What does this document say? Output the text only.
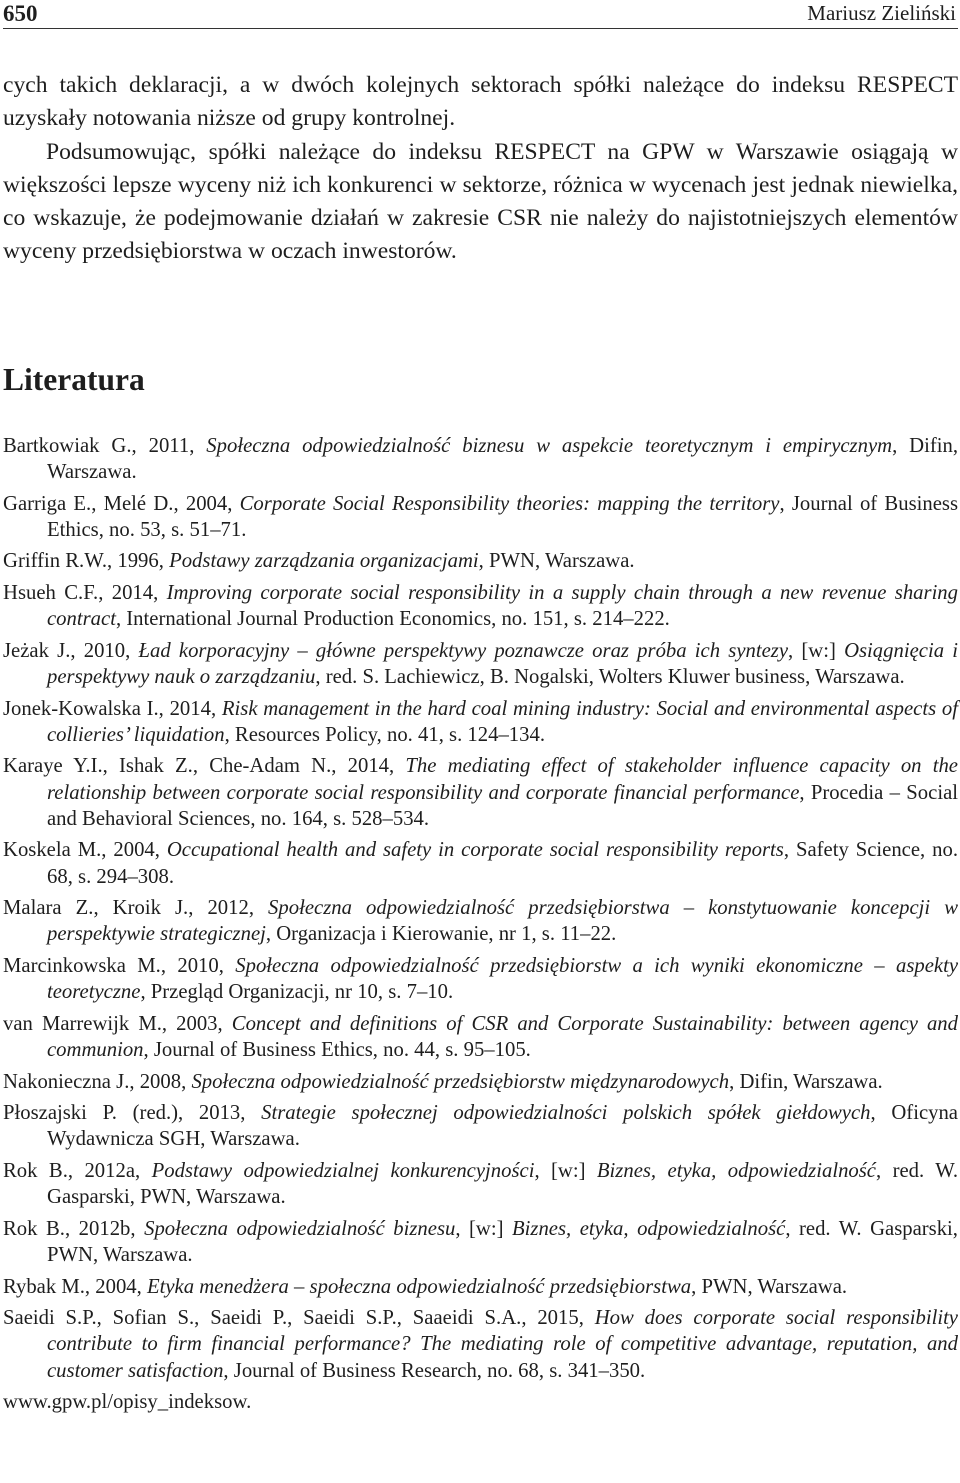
650	Mariusz Zieliński

cych takich deklaracji, a w dwóch kolejnych sektorach spółki należące do indeksu RESPECT uzyskały notowania niższe od grupy kontrolnej.

Podsumowując, spółki należące do indeksu RESPECT na GPW w Warszawie osiągają w większości lepsze wyceny niż ich konkurenci w sektorze, różnica w wycenach jest jednak niewielka, co wskazuje, że podejmowanie działań w zakresie CSR nie należy do najistotniejszych elementów wyceny przedsiębiorstwa w oczach inwestorów.

Literatura

Bartkowiak G., 2011, Społeczna odpowiedzialność biznesu w aspekcie teoretycznym i empirycznym, Difin, Warszawa.

Garriga E., Melé D., 2004, Corporate Social Responsibility theories: mapping the territory, Journal of Business Ethics, no. 53, s. 51–71.

Griffin R.W., 1996, Podstawy zarządzania organizacjami, PWN, Warszawa.

Hsueh C.F., 2014, Improving corporate social responsibility in a supply chain through a new revenue sharing contract, International Journal Production Economics, no. 151, s. 214–222.

Jeżak J., 2010, Ład korporacyjny – główne perspektywy poznawcze oraz próba ich syntezy, [w:] Osiągnięcia i perspektywy nauk o zarządzaniu, red. S. Lachiewicz, B. Nogalski, Wolters Kluwer business, Warszawa.

Jonek-Kowalska I., 2014, Risk management in the hard coal mining industry: Social and environmental aspects of collieries’ liquidation, Resources Policy, no. 41, s. 124–134.

Karaye Y.I., Ishak Z., Che-Adam N., 2014, The mediating effect of stakeholder influence capacity on the relationship between corporate social responsibility and corporate financial performance, Procedia – Social and Behavioral Sciences, no. 164, s. 528–534.

Koskela M., 2004, Occupational health and safety in corporate social responsibility reports, Safety Science, no. 68, s. 294–308.

Malara Z., Kroik J., 2012, Społeczna odpowiedzialność przedsiębiorstwa – konstytuowanie koncepcji w perspektywie strategicznej, Organizacja i Kierowanie, nr 1, s. 11–22.

Marcinkowska M., 2010, Społeczna odpowiedzialność przedsiębiorstw a ich wyniki ekonomiczne – aspekty teoretyczne, Przegląd Organizacji, nr 10, s. 7–10.

van Marrewijk M., 2003, Concept and definitions of CSR and Corporate Sustainability: between agency and communion, Journal of Business Ethics, no. 44, s. 95–105.

Nakonieczna J., 2008, Społeczna odpowiedzialność przedsiębiorstw międzynarodowych, Difin, Warszawa.

Płoszajski P. (red.), 2013, Strategie społecznej odpowiedzialności polskich spółek giełdowych, Oficyna Wydawnicza SGH, Warszawa.

Rok B., 2012a, Podstawy odpowiedzialnej konkurencyjności, [w:] Biznes, etyka, odpowiedzialność, red. W. Gasparski, PWN, Warszawa.

Rok B., 2012b, Społeczna odpowiedzialność biznesu, [w:] Biznes, etyka, odpowiedzialność, red. W. Gasparski, PWN, Warszawa.

Rybak M., 2004, Etyka menedżera – społeczna odpowiedzialność przedsiębiorstwa, PWN, Warszawa.

Saeidi S.P., Sofian S., Saeidi P., Saeidi S.P., Saaeidi S.A., 2015, How does corporate social responsibility contribute to firm financial performance? The mediating role of competitive advantage, reputation, and customer satisfaction, Journal of Business Research, no. 68, s. 341–350.

www.gpw.pl/opisy_indeksow.
